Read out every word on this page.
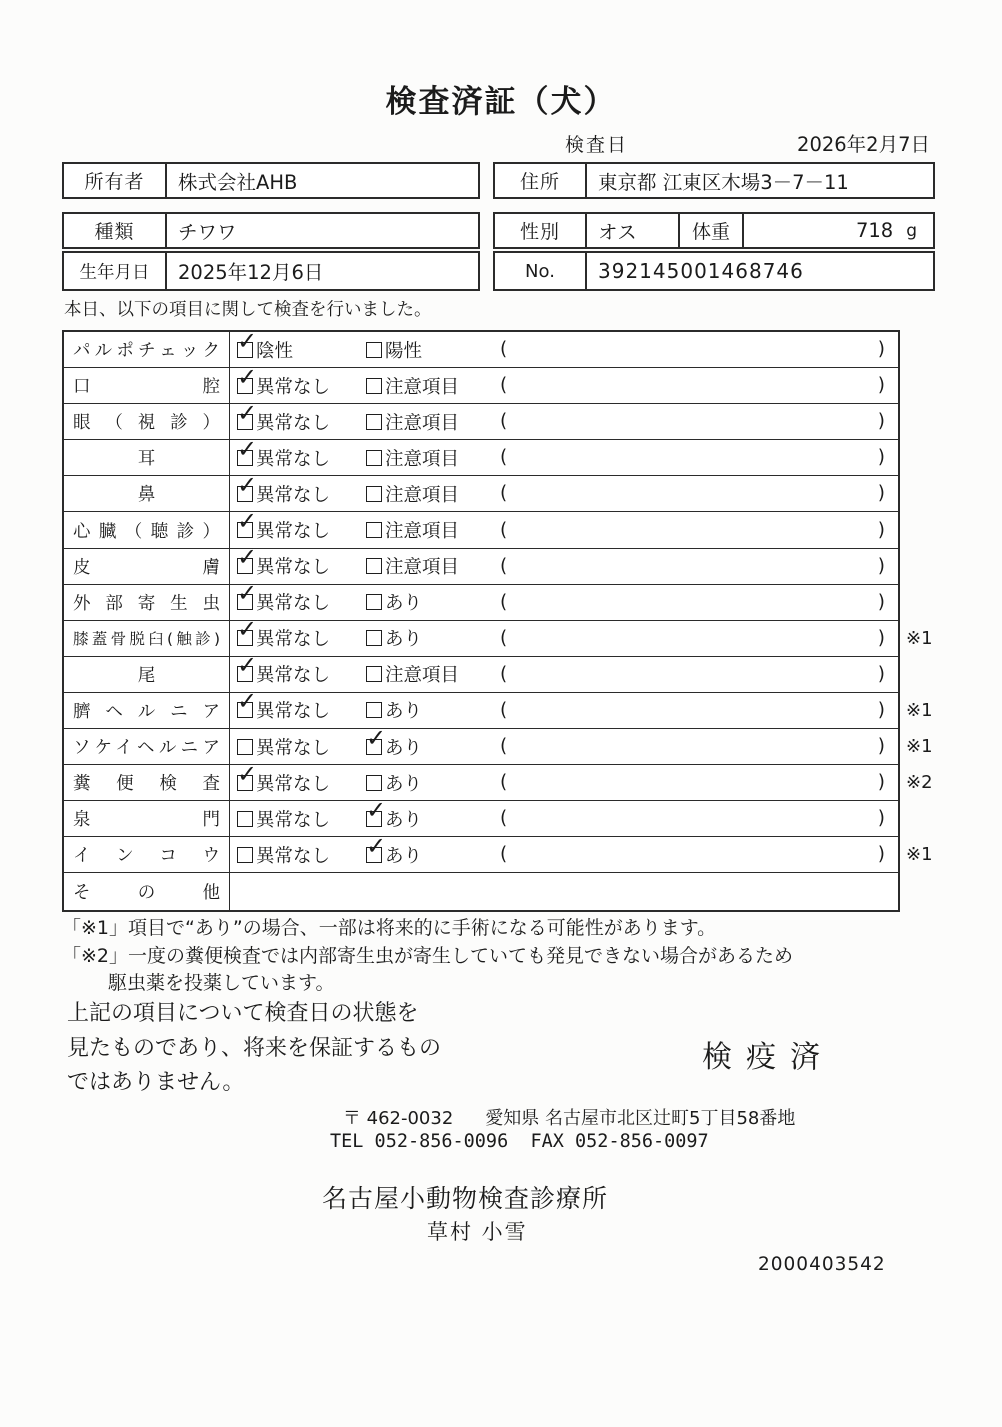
検査済証（犬）
検査日	2026年2月7日
所有者	株式会社AHB	住所	東京都 江東区木場3－7－11
種類	チワワ	性別	オス	体重	718 g
生年月日	2025年12月6日	No.	392145001468746
本日、以下の項目に関して検査を行いました。
パルポチェック ✓ 陰性	陽性	(	)
口腔 ✓ 異常なし	注意項目 (	)
眼（視診） ✓ 異常なし	注意項目 (	)
耳 ✓	異常なし	注意項目 (	)
鼻 ✓	異常なし	注意項目 (	)
心臓（聴診） ✓ 異常なし	注意項目 (	)
皮膚 ✓ 異常なし	注意項目 (	)
外部寄生虫 ✓ 異常なし	あり	(	)
膝蓋骨脱臼(触診) ✓ 異常なし	あり	(	) ※1
尾 ✓	異常なし	注意項目 (	)
臍ヘルニア ✓ 異常なし	あり	(	) ※1
ソケイヘルニア 異常なし ✓	あり	(	) ※1
糞便検査 ✓ 異常なし	あり	(	) ※2
泉門 異常なし ✓	あり	(	)
インコウ 異常なし ✓	あり	(	) ※1
その他
「※1」項目で“あり”の場合、一部は将来的に手術になる可能性があります。
「※2」一度の糞便検査では内部寄生虫が寄生していても発見できない場合があるため
駆虫薬を投薬しています。
上記の項目について検査日の状態を
見たものであり、将来を保証するもの
ではありません。
検疫済

〒 462-0032 愛知県 名古屋市北区辻町5丁目58番地

TEL 052-856-0096  FAX 052-856-0097
名古屋小動物検査診療所
草村 小雪
2000403542
